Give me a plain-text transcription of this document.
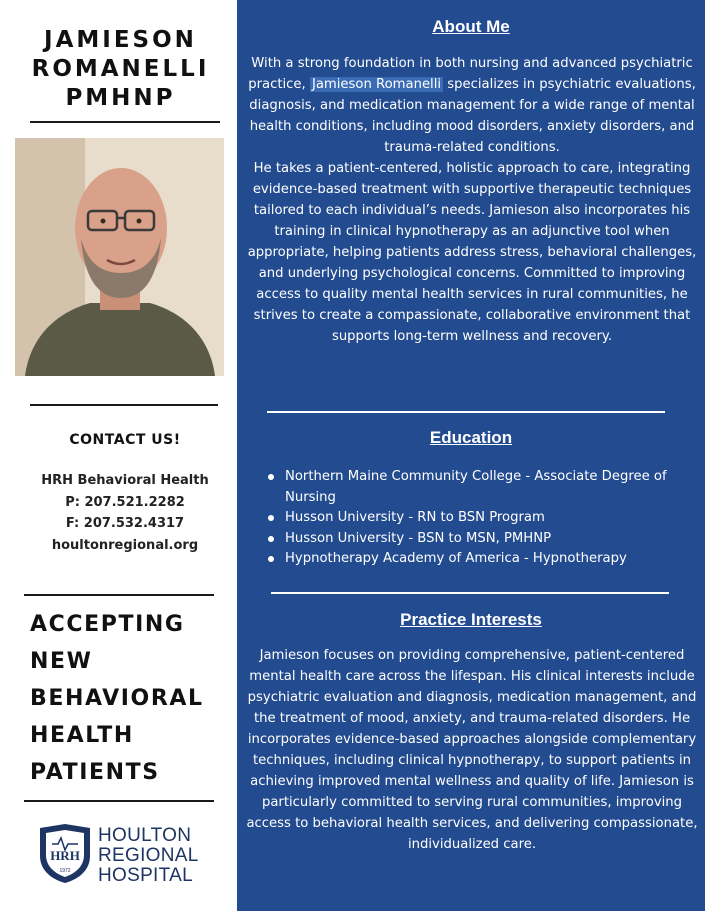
JAMIESON
ROMANELLI
PMHNP
CONTACT US!
HRH Behavioral Health
P: 207.521.2282
F: 207.532.4317
houltonregional.org
ACCEPTING
NEW
BEHAVIORAL
HEALTH
PATIENTS
HRH
1972
HOULTON
REGIONAL
HOSPITAL
About Me
With a strong foundation in both nursing and advanced psychiatric practice, Jamieson Romanelli specializes in psychiatric evaluations, diagnosis, and medication management for a wide range of mental health conditions, including mood disorders, anxiety disorders, and trauma-related conditions.
He takes a patient-centered, holistic approach to care, integrating evidence-based treatment with supportive therapeutic techniques tailored to each individual’s needs. Jamieson also incorporates his training in clinical hypnotherapy as an adjunctive tool when appropriate, helping patients address stress, behavioral challenges, and underlying psychological concerns. Committed to improving access to quality mental health services in rural communities, he strives to create a compassionate, collaborative environment that supports long-term wellness and recovery.
Education
Northern Maine Community College - Associate Degree of Nursing
Husson University - RN to BSN Program
Husson University - BSN to MSN, PMHNP
Hypnotherapy Academy of America - Hypnotherapy
Practice Interests
Jamieson focuses on providing comprehensive, patient-centered mental health care across the lifespan. His clinical interests include psychiatric evaluation and diagnosis, medication management, and the treatment of mood, anxiety, and trauma-related disorders. He incorporates evidence-based approaches alongside complementary techniques, including clinical hypnotherapy, to support patients in achieving improved mental wellness and quality of life. Jamieson is particularly committed to serving rural communities, improving access to behavioral health services, and delivering compassionate, individualized care.
